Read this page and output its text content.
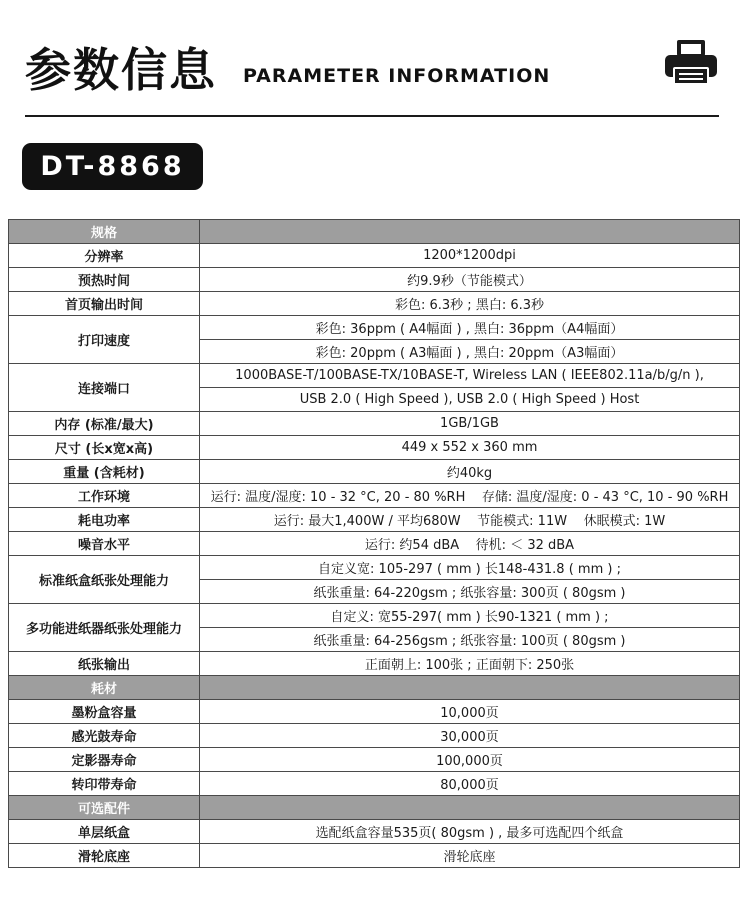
参数信息 PARAMETER INFORMATION
DT-8868
规格	
分辨率	1200*1200dpi
预热时间	约9.9秒（节能模式）
首页输出时间	彩色: 6.3秒 ; 黑白: 6.3秒
打印速度	彩色: 36ppm ( A4幅面 ) , 黑白: 36ppm（A4幅面）
	彩色: 20ppm ( A3幅面 ) , 黑白: 20ppm（A3幅面）
连接端口	1000BASE-T/100BASE-TX/10BASE-T, Wireless LAN ( IEEE802.11a/b/g/n ),
	USB 2.0 ( High Speed ), USB 2.0 ( High Speed ) Host
内存 (标准/最大)	1GB/1GB
尺寸 (长x宽x高)	449 x 552 x 360 mm
重量 (含耗材)	约40kg
工作环境	运行: 温度/湿度: 10 - 32 °C, 20 - 80 %RH    存储: 温度/湿度: 0 - 43 °C, 10 - 90 %RH
耗电功率	运行: 最大1,400W / 平均680W    节能模式: 11W    休眠模式: 1W
噪音水平	运行: 约54 dBA    待机: ＜ 32 dBA
标准纸盒纸张处理能力	自定义宽: 105-297 ( mm ) 长148-431.8 ( mm ) ;
	纸张重量: 64-220gsm ; 纸张容量: 300页 ( 80gsm )
多功能进纸器纸张处理能力	自定义: 宽55-297( mm ) 长90-1321 ( mm ) ;
	纸张重量: 64-256gsm ; 纸张容量: 100页 ( 80gsm )
纸张输出	正面朝上: 100张 ; 正面朝下: 250张
耗材	
墨粉盒容量	10,000页
感光鼓寿命	30,000页
定影器寿命	100,000页
转印带寿命	80,000页
可选配件	
单层纸盒	选配纸盒容量535页( 80gsm ) , 最多可选配四个纸盒
滑轮底座	滑轮底座
